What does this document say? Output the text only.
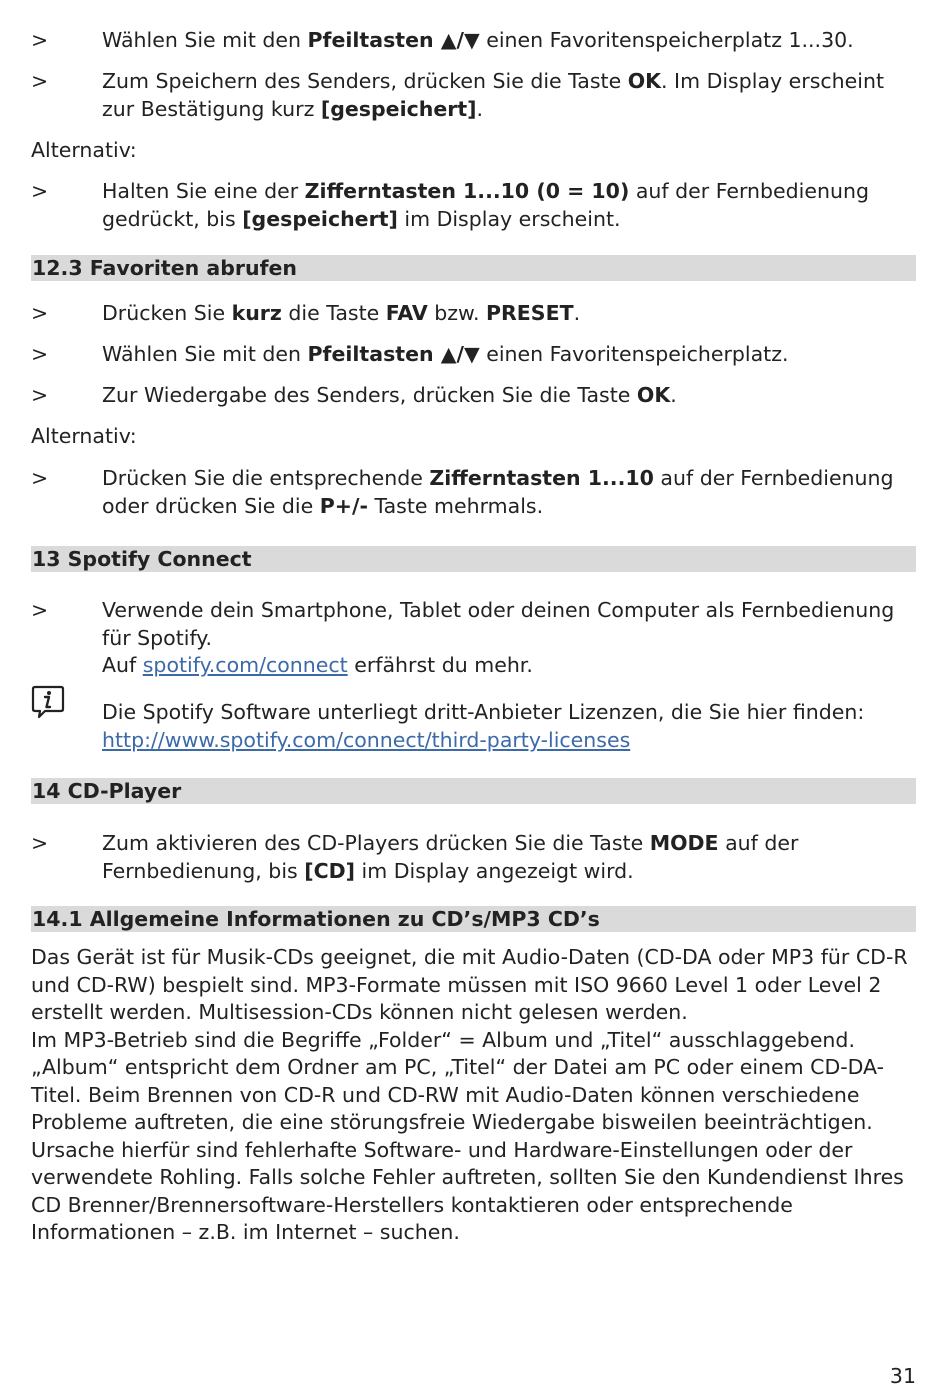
>	Wählen Sie mit den Pfeiltasten ▲/▼ einen Favoritenspeicherplatz 1...30.
>	Zum Speichern des Senders, drücken Sie die Taste OK. Im Display erscheint zur Bestätigung kurz [gespeichert].
Alternativ:
>	Halten Sie eine der Zifferntasten 1...10 (0 = 10) auf der Fernbedienung gedrückt, bis [gespeichert] im Display erscheint.
12.3 Favoriten abrufen
>	Drücken Sie kurz die Taste FAV bzw. PRESET.
>	Wählen Sie mit den Pfeiltasten ▲/▼ einen Favoritenspeicherplatz.
>	Zur Wiedergabe des Senders, drücken Sie die Taste OK.
Alternativ:
>	Drücken Sie die entsprechende Zifferntasten 1...10 auf der Fernbedienung oder drücken Sie die P+/- Taste mehrmals.
13 Spotify Connect
>	Verwende dein Smartphone, Tablet oder deinen Computer als Fernbedienung für Spotify.
Auf spotify.com/connect erfährst du mehr.
Die Spotify Software unterliegt dritt-Anbieter Lizenzen, die Sie hier finden:
http://www.spotify.com/connect/third-party-licenses
14 CD-Player
>	Zum aktivieren des CD-Players drücken Sie die Taste MODE auf der Fernbedienung, bis [CD] im Display angezeigt wird.
14.1 Allgemeine Informationen zu CD’s/MP3 CD’s
Das Gerät ist für Musik-CDs geeignet, die mit Audio-Daten (CD-DA oder MP3 für CD-R und CD-RW) bespielt sind. MP3-Formate müssen mit ISO 9660 Level 1 oder Level 2 erstellt werden. Multisession-CDs können nicht gelesen werden.
Im MP3-Betrieb sind die Begriffe „Folder“ = Album und „Titel“ ausschlaggebend. „Album“ entspricht dem Ordner am PC, „Titel“ der Datei am PC oder einem CD-DA-Titel. Beim Brennen von CD-R und CD-RW mit Audio-Daten können verschiedene Probleme auftreten, die eine störungsfreie Wiedergabe bisweilen beeinträchtigen. Ursache hierfür sind fehlerhafte Software- und Hardware-Einstellungen oder der verwendete Rohling. Falls solche Fehler auftreten, sollten Sie den Kundendienst Ihres CD Brenner/Brennersoftware-Herstellers kontaktieren oder entsprechende Informationen – z.B. im Internet – suchen.
31
